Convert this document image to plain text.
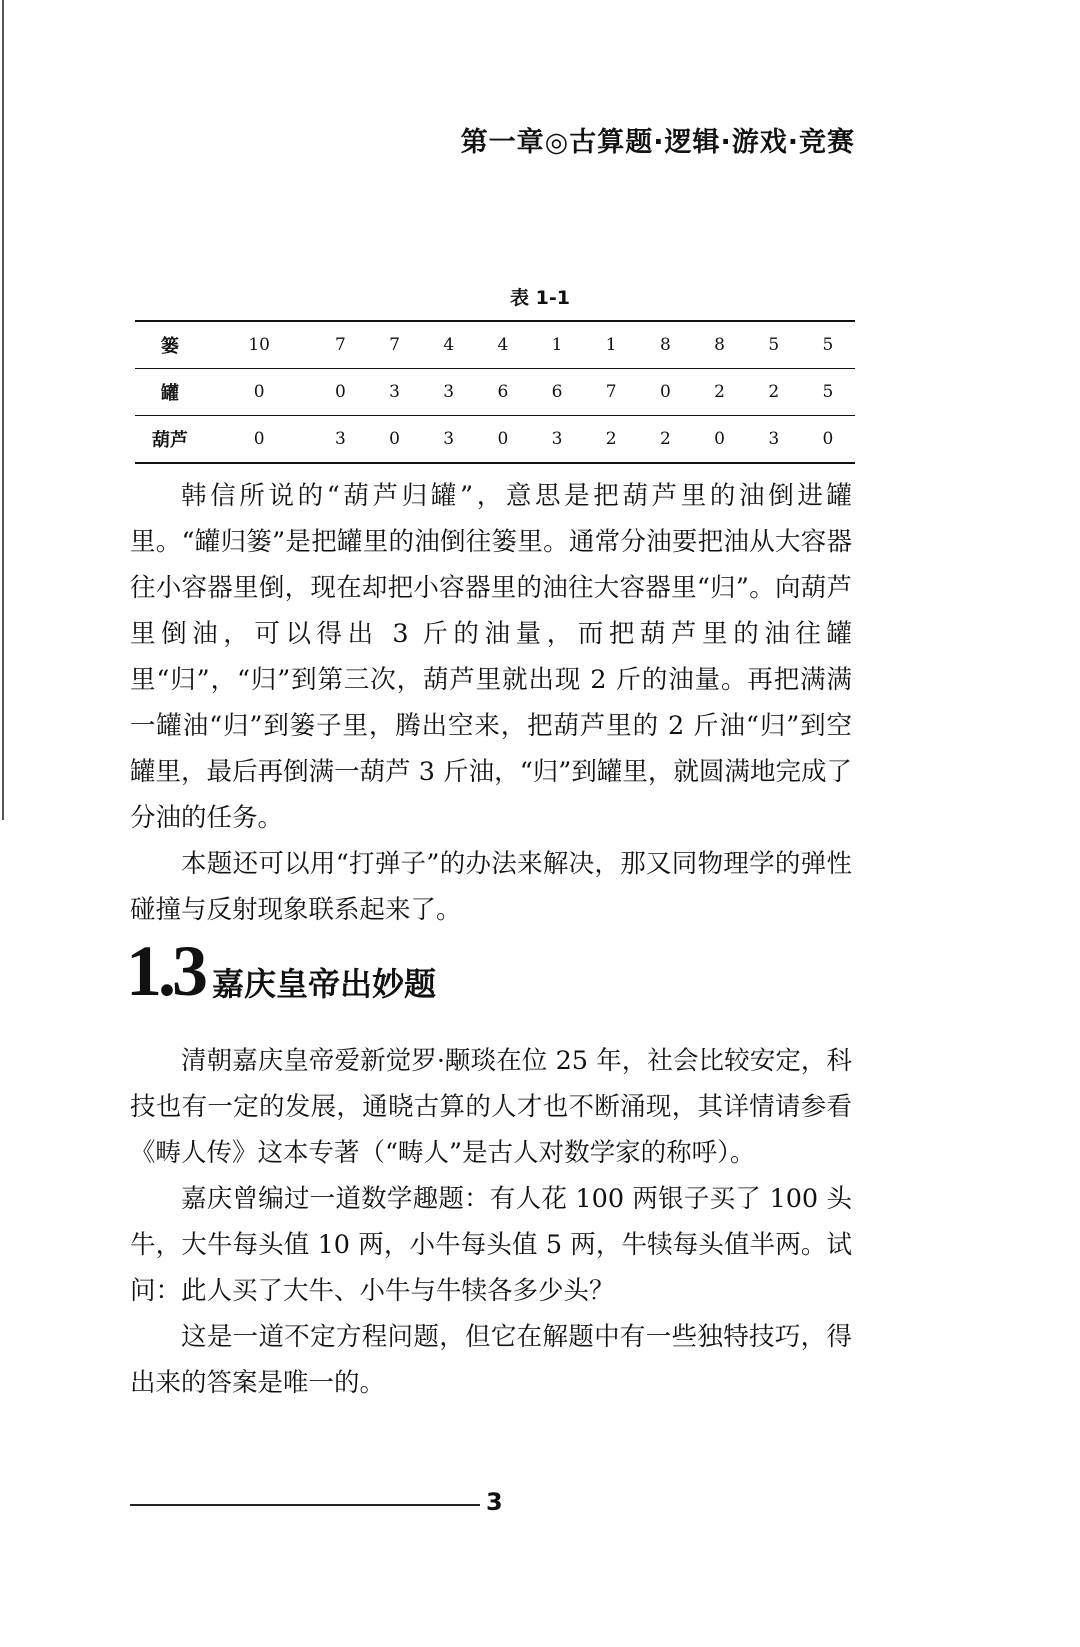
第一章◎古算题·逻辑·游戏·竞赛
表 1-1
篓	10	7	7	4	4	1	1	8	8	5	5
罐	0	0	3	3	6	6	7	0	2	2	5
葫芦	0	3	0	3	0	3	2	2	0	3	0

韩信所说的“葫芦归罐”，意思是把葫芦里的油倒进罐里。“罐归篓”是把罐里的油倒往篓里。通常分油要把油从大容器往小容器里倒，现在却把小容器里的油往大容器里“归”。向葫芦里倒油，可以得出 3 斤的油量，而把葫芦里的油往罐里“归”，“归”到第三次，葫芦里就出现 2 斤的油量。再把满满一罐油“归”到篓子里，腾出空来，把葫芦里的 2 斤油“归”到空罐里，最后再倒满一葫芦 3 斤油，“归”到罐里，就圆满地完成了分油的任务。

本题还可以用“打弹子”的办法来解决，那又同物理学的弹性碰撞与反射现象联系起来了。

1.3 嘉庆皇帝出妙题

清朝嘉庆皇帝爱新觉罗·颙琰在位 25 年，社会比较安定，科技也有一定的发展，通晓古算的人才也不断涌现，其详情请参看《畴人传》这本专著（“畴人”是古人对数学家的称呼）。

嘉庆曾编过一道数学趣题：有人花 100 两银子买了 100 头牛，大牛每头值 10 两，小牛每头值 5 两，牛犊每头值半两。试问：此人买了大牛、小牛与牛犊各多少头？

这是一道不定方程问题，但它在解题中有一些独特技巧，得出来的答案是唯一的。

3
